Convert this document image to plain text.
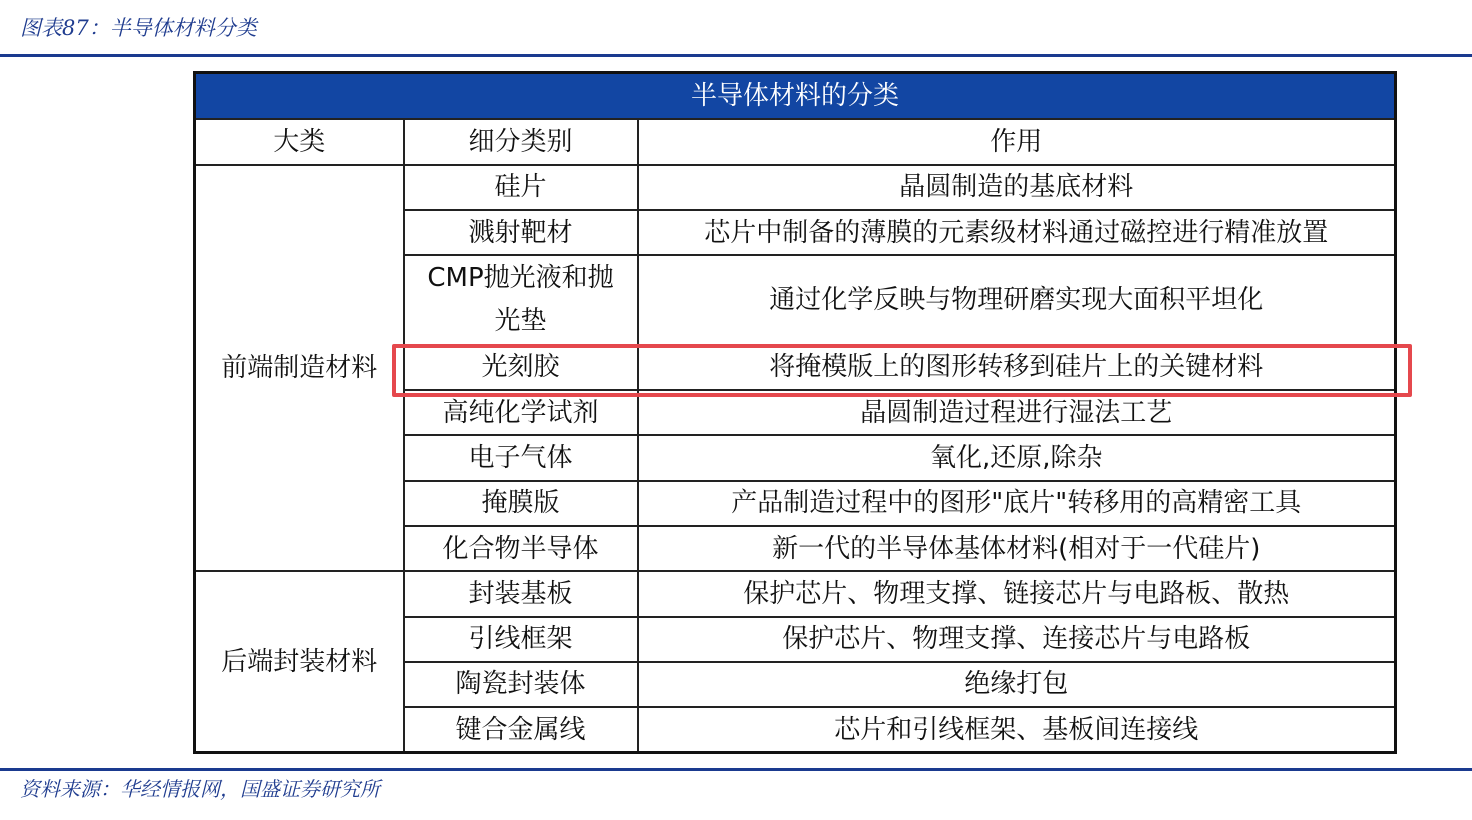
图表87：半导体材料分类
半导体材料的分类		
大类	细分类别	作用
前端制造材料	硅片	晶圆制造的基底材料
	溅射靶材	芯片中制备的薄膜的元素级材料通过磁控进行精准放置
	CMP抛光液和抛光垫	通过化学反映与物理研磨实现大面积平坦化
	光刻胶	将掩模版上的图形转移到硅片上的关键材料
	高纯化学试剂	晶圆制造过程进行湿法工艺
	电子气体	氧化,还原,除杂
	掩膜版	产品制造过程中的图形"底片"转移用的高精密工具
	化合物半导体	新一代的半导体基体材料(相对于一代硅片)
后端封装材料	封装基板	保护芯片、物理支撑、链接芯片与电路板、散热
	引线框架	保护芯片、物理支撑、连接芯片与电路板
	陶瓷封装体	绝缘打包
	键合金属线	芯片和引线框架、基板间连接线
资料来源：华经情报网，国盛证券研究所
